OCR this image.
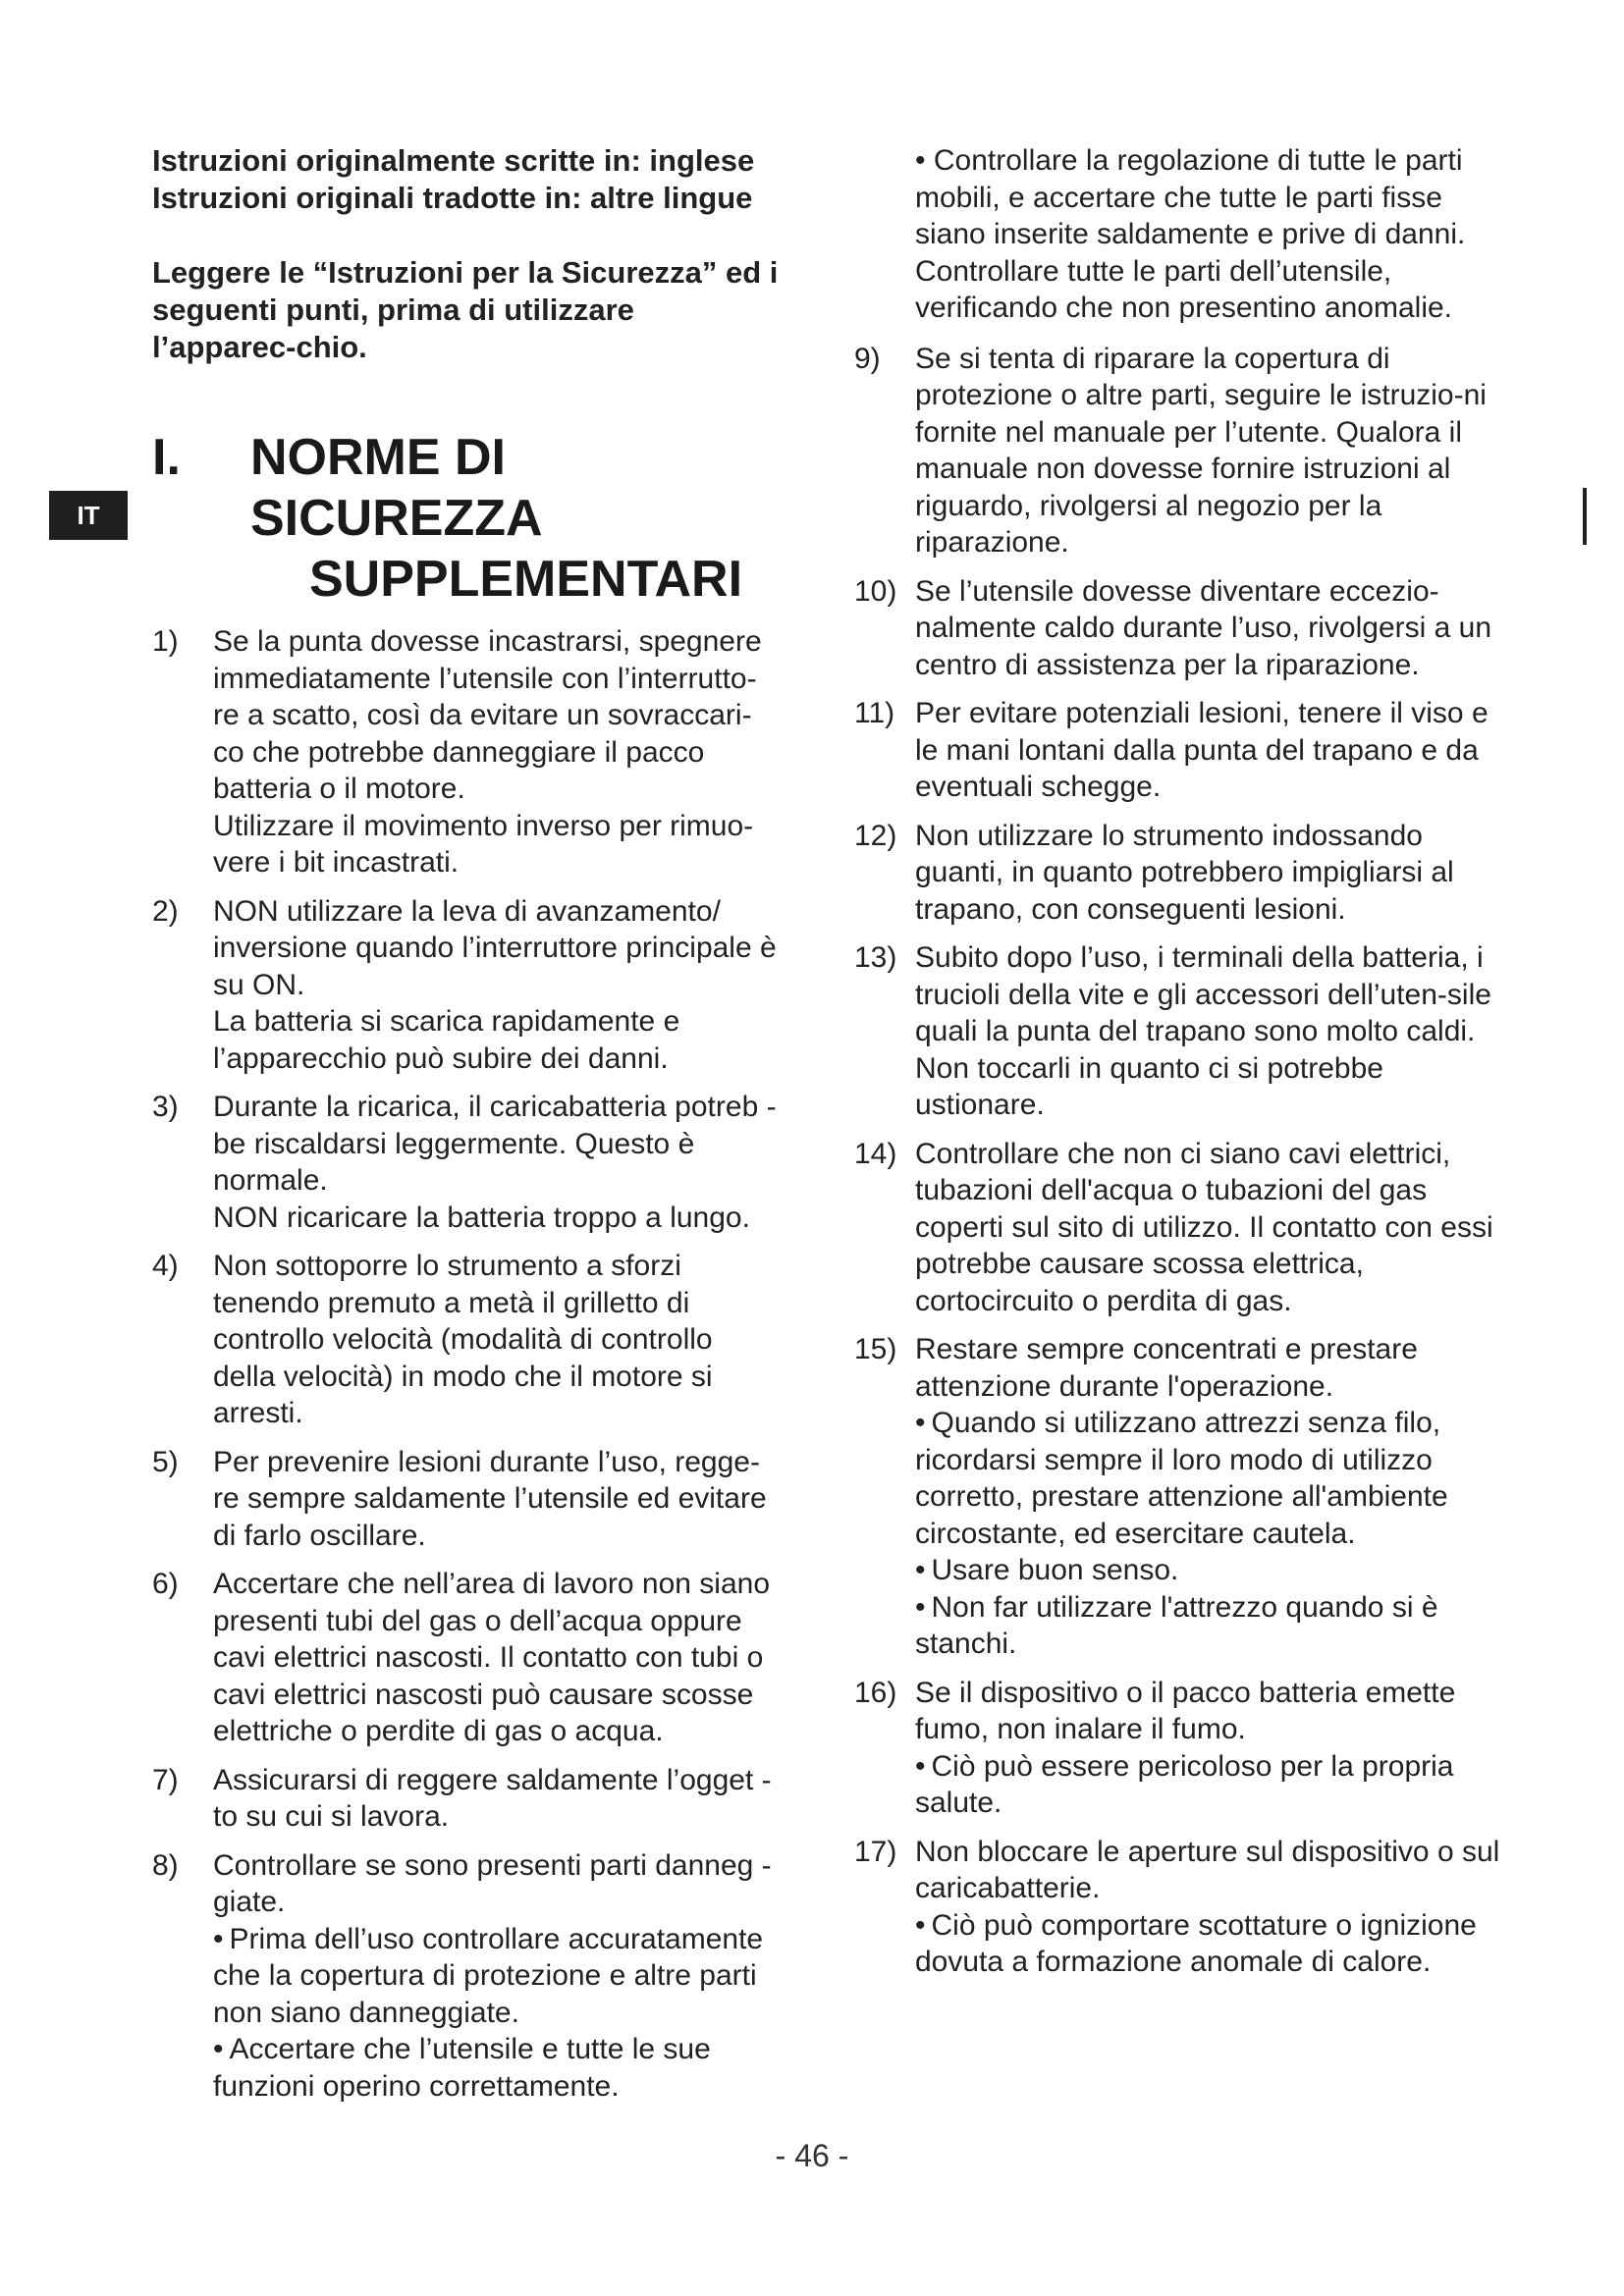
IT
Istruzioni originalmente scritte in: inglese
Istruzioni originali tradotte in: altre lingue
Leggere le “Istruzioni per la Sicurezza” ed i seguenti punti, prima di utilizzare l’apparec-chio.
I. NORME DI SICUREZZA
SUPPLEMENTARI
1)	Se la punta dovesse incastrarsi, spegnere immediatamente l’utensile con l’interrutto-re a scatto, così da evitare un sovraccari-co che potrebbe danneggiare il pacco batteria o il motore.

Utilizzare il movimento inverso per rimuo-vere i bit incastrati.

2)	NON utilizzare la leva di avanzamento/ inversione quando l’interruttore principale è su ON.

La batteria si scarica rapidamente e l’apparecchio può subire dei danni.

3)	Durante la ricarica, il caricabatteria potreb - be riscaldarsi leggermente. Questo è normale.

NON ricaricare la batteria troppo a lungo.

4)	Non sottoporre lo strumento a sforzi tenendo premuto a metà il grilletto di controllo velocità (modalità di controllo della velocità) in modo che il motore si arresti.

5)	Per prevenire lesioni durante l’uso, regge-re sempre saldamente l’utensile ed evitare di farlo oscillare.

6)	Accertare che nell’area di lavoro non siano presenti tubi del gas o dell’acqua oppure cavi elettrici nascosti. Il contatto con tubi o cavi elettrici nascosti può causare scosse elettriche o perdite di gas o acqua.

7)	Assicurarsi di reggere saldamente l’ogget - to su cui si lavora.

8)	Controllare se sono presenti parti danneg - giate.

• Prima dell’uso controllare accuratamente che la copertura di protezione e altre parti non siano danneggiate.

• Accertare che l’utensile e tutte le sue funzioni operino correttamente.

• Controllare la regolazione di tutte le parti mobili, e accertare che tutte le parti fisse siano inserite saldamente e prive di danni. Controllare tutte le parti dell’utensile, verificando che non presentino anomalie.

9)	Se si tenta di riparare la copertura di protezione o altre parti, seguire le istruzio-ni fornite nel manuale per l’utente. Qualora il manuale non dovesse fornire istruzioni al riguardo, rivolgersi al negozio per la riparazione.

10) Se l’utensile dovesse diventare eccezio-nalmente caldo durante l’uso, rivolgersi a un centro di assistenza per la riparazione.

11) Per evitare potenziali lesioni, tenere il viso e le mani lontani dalla punta del trapano e da eventuali schegge.

12) Non utilizzare lo strumento indossando guanti, in quanto potrebbero impigliarsi al trapano, con conseguenti lesioni.

13) Subito dopo l’uso, i terminali della batteria, i trucioli della vite e gli accessori dell’uten-sile quali la punta del trapano sono molto caldi. Non toccarli in quanto ci si potrebbe ustionare.

14) Controllare che non ci siano cavi elettrici, tubazioni dell'acqua o tubazioni del gas coperti sul sito di utilizzo. Il contatto con essi potrebbe causare scossa elettrica, cortocircuito o perdita di gas.

15) Restare sempre concentrati e prestare attenzione durante l'operazione.

• Quando si utilizzano attrezzi senza filo, ricordarsi sempre il loro modo di utilizzo corretto, prestare attenzione all'ambiente circostante, ed esercitare cautela.

• Usare buon senso.

• Non far utilizzare l'attrezzo quando si è stanchi.

16) Se il dispositivo o il pacco batteria emette fumo, non inalare il fumo.

• Ciò può essere pericoloso per la propria salute.

17) Non bloccare le aperture sul dispositivo o sul caricabatterie.

• Ciò può comportare scottature o ignizione dovuta a formazione anomale di calore.

- 46 -
